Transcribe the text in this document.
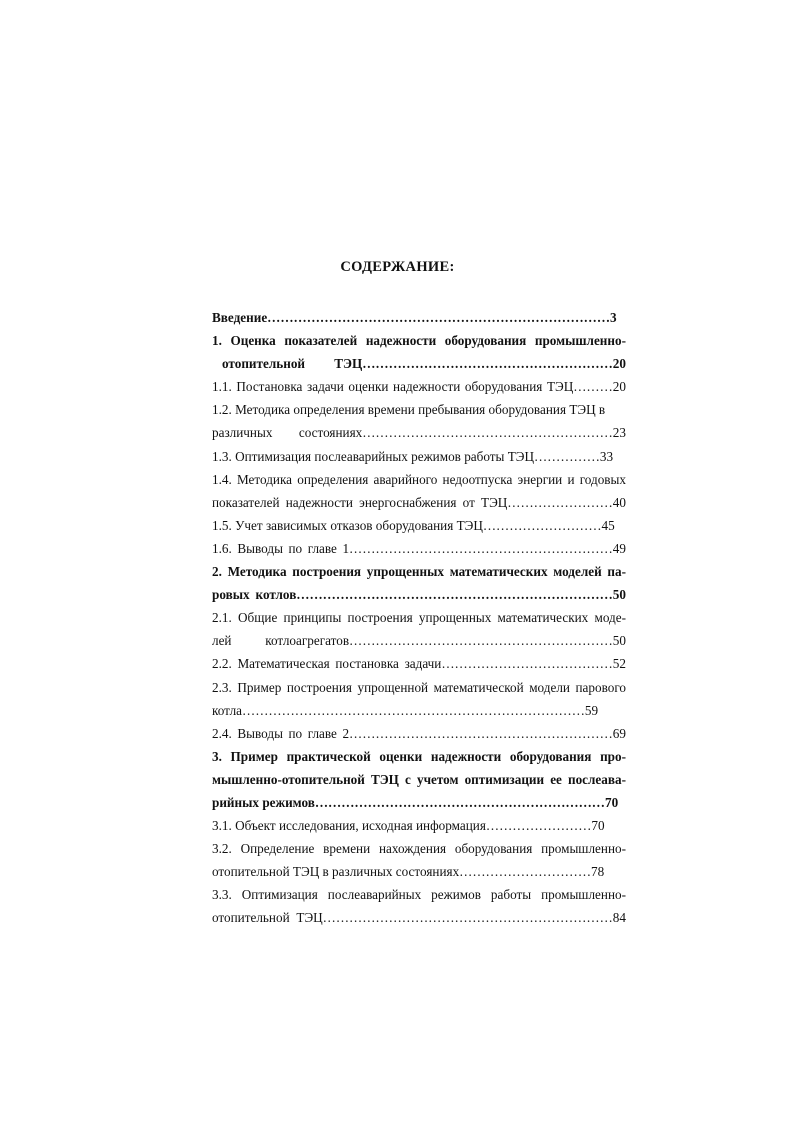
СОДЕРЖАНИЕ:
Введение……………………………………………………………………3
1. Оценка показателей надежности оборудования промышленно-
отопительной ТЭЦ…………………………………………………20
1.1. Постановка задачи оценки надежности оборудования ТЭЦ………20
1.2. Методика определения времени пребывания оборудования ТЭЦ в
различных состояниях…………………………………………………23
1.3. Оптимизация послеаварийных режимов работы ТЭЦ……………33
1.4. Методика определения аварийного недоотпуска энергии и годовых
показателей надежности энергоснабжения от ТЭЦ……………………40
1.5. Учет зависимых отказов оборудования ТЭЦ………………………45
1.6. Выводы по главе 1……………………………………………………49
2. Методика построения упрощенных математических моделей па-
ровых котлов………………………………………………………………50
2.1. Общие принципы построения упрощенных математических моде-
лей котлоагрегатов……………………………………………………50
2.2. Математическая постановка задачи…………………………………52
2.3. Пример построения упрощенной математической модели парового
котла……………………………………………………………………59
2.4. Выводы по главе 2……………………………………………………69
3. Пример практической оценки надежности оборудования про-
мышленно-отопительной ТЭЦ с учетом оптимизации ее послеава-
рийных режимов…………………………………………………………70
3.1. Объект исследования, исходная информация……………………70
3.2. Определение времени нахождения оборудования промышленно-
отопительной ТЭЦ в различных состояниях…………………………78
3.3. Оптимизация послеаварийных режимов работы промышленно-
отопительной ТЭЦ…………………………………………………………84
